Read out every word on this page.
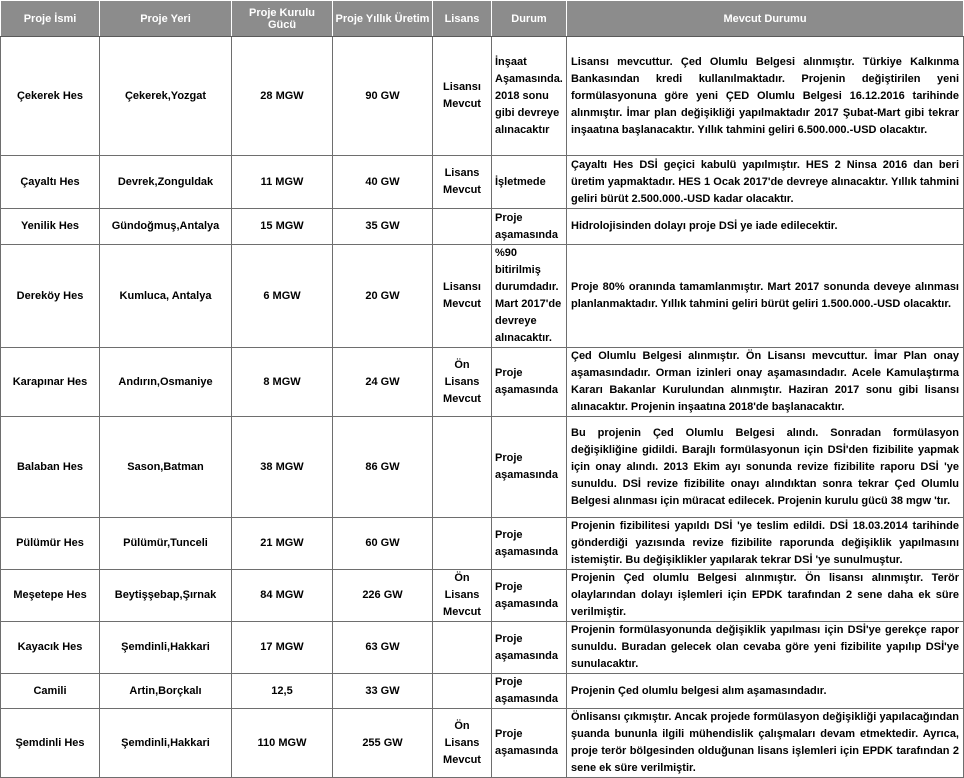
Proje İsmi	Proje Yeri	Proje Kurulu Gücü	Proje Yıllık Üretim	Lisans	Durum	Mevcut Durumu
Çekerek Hes	Çekerek,Yozgat	28 MGW	90 GW	Lisansı Mevcut	İnşaat Aşamasında. 2018 sonu gibi devreye alınacaktır	Lisansı mevcuttur. Çed Olumlu Belgesi alınmıştır. Türkiye Kalkınma Bankasından kredi kullanılmaktadır. Projenin değiştirilen yeni formülasyonuna göre yeni ÇED Olumlu Belgesi 16.12.2016 tarihinde alınmıştır. İmar plan değişikliği yapılmaktadır 2017 Şubat-Mart gibi tekrar inşaatına başlanacaktır. Yıllık tahmini geliri 6.500.000.-USD olacaktır.
Çayaltı Hes	Devrek,Zonguldak	11 MGW	40 GW	Lisans Mevcut	İşletmede	Çayaltı Hes DSİ geçici kabulü yapılmıştır. HES 2 Ninsa 2016 dan beri üretim yapmaktadır. HES 1 Ocak 2017'de devreye alınacaktır. Yıllık tahmini geliri bürüt 2.500.000.-USD kadar olacaktır.
Yenilik Hes	Gündoğmuş,Antalya	15 MGW	35 GW		Proje aşamasında	Hidrolojisinden dolayı proje DSİ ye iade edilecektir.
Dereköy Hes	Kumluca, Antalya	6 MGW	20 GW	Lisansı Mevcut	%90 bitirilmiş durumdadır. Mart 2017'de devreye alınacaktır.	Proje 80% oranında tamamlanmıştır. Mart 2017 sonunda deveye alınması planlanmaktadır. Yıllık tahmini geliri bürüt geliri 1.500.000.-USD olacaktır.
Karapınar Hes	Andırın,Osmaniye	8 MGW	24 GW	Ön Lisans Mevcut	Proje aşamasında	Çed Olumlu Belgesi alınmıştır. Ön Lisansı mevcuttur. İmar Plan onay aşamasındadır. Orman izinleri onay aşamasındadır. Acele Kamulaştırma Kararı Bakanlar Kurulundan alınmıştır. Haziran 2017 sonu gibi lisansı alınacaktır. Projenin inşaatına 2018'de başlanacaktır.
Balaban Hes	Sason,Batman	38 MGW	86 GW		Proje aşamasında	Bu projenin Çed Olumlu Belgesi alındı. Sonradan formülasyon değişikliğine gidildi. Barajlı formülasyonun için DSİ'den fizibilite yapmak için onay alındı. 2013 Ekim ayı sonunda revize fizibilite raporu DSİ 'ye sunuldu. DSİ revize fizibilite onayı alındıktan sonra tekrar Çed Olumlu Belgesi alınması için müracat edilecek. Projenin kurulu gücü 38 mgw 'tır.
Pülümür Hes	Pülümür,Tunceli	21 MGW	60 GW		Proje aşamasında	Projenin fizibilitesi yapıldı DSİ 'ye teslim edildi. DSİ 18.03.2014 tarihinde gönderdiği yazısında revize fizibilite raporunda değişiklik yapılmasını istemiştir. Bu değişiklikler yapılarak tekrar DSİ 'ye sunulmuştur.
Meşetepe Hes	Beytişşebap,Şırnak	84 MGW	226 GW	Ön Lisans Mevcut	Proje aşamasında	Projenin Çed olumlu Belgesi alınmıştır. Ön lisansı alınmıştır. Terör olaylarından dolayı işlemleri için EPDK tarafından 2 sene daha ek süre verilmiştir.
Kayacık Hes	Şemdinli,Hakkari	17 MGW	63 GW		Proje aşamasında	Projenin formülasyonunda değişiklik yapılması için DSİ'ye gerekçe rapor sunuldu. Buradan gelecek olan cevaba göre yeni fizibilite yapılıp DSİ'ye sunulacaktır.
Camili	Artin,Borçkalı	12,5	33 GW		Proje aşamasında	Projenin Çed olumlu belgesi alım aşamasındadır.
Şemdinli Hes	Şemdinli,Hakkari	110 MGW	255 GW	Ön Lisans Mevcut	Proje aşamasında	Önlisansı çıkmıştır. Ancak projede formülasyon değişikliği yapılacağından şuanda bununla ilgili mühendislik çalışmaları devam etmektedir. Ayrıca, proje terör bölgesinden olduğunan lisans işlemleri için EPDK tarafından 2 sene ek süre verilmiştir.
